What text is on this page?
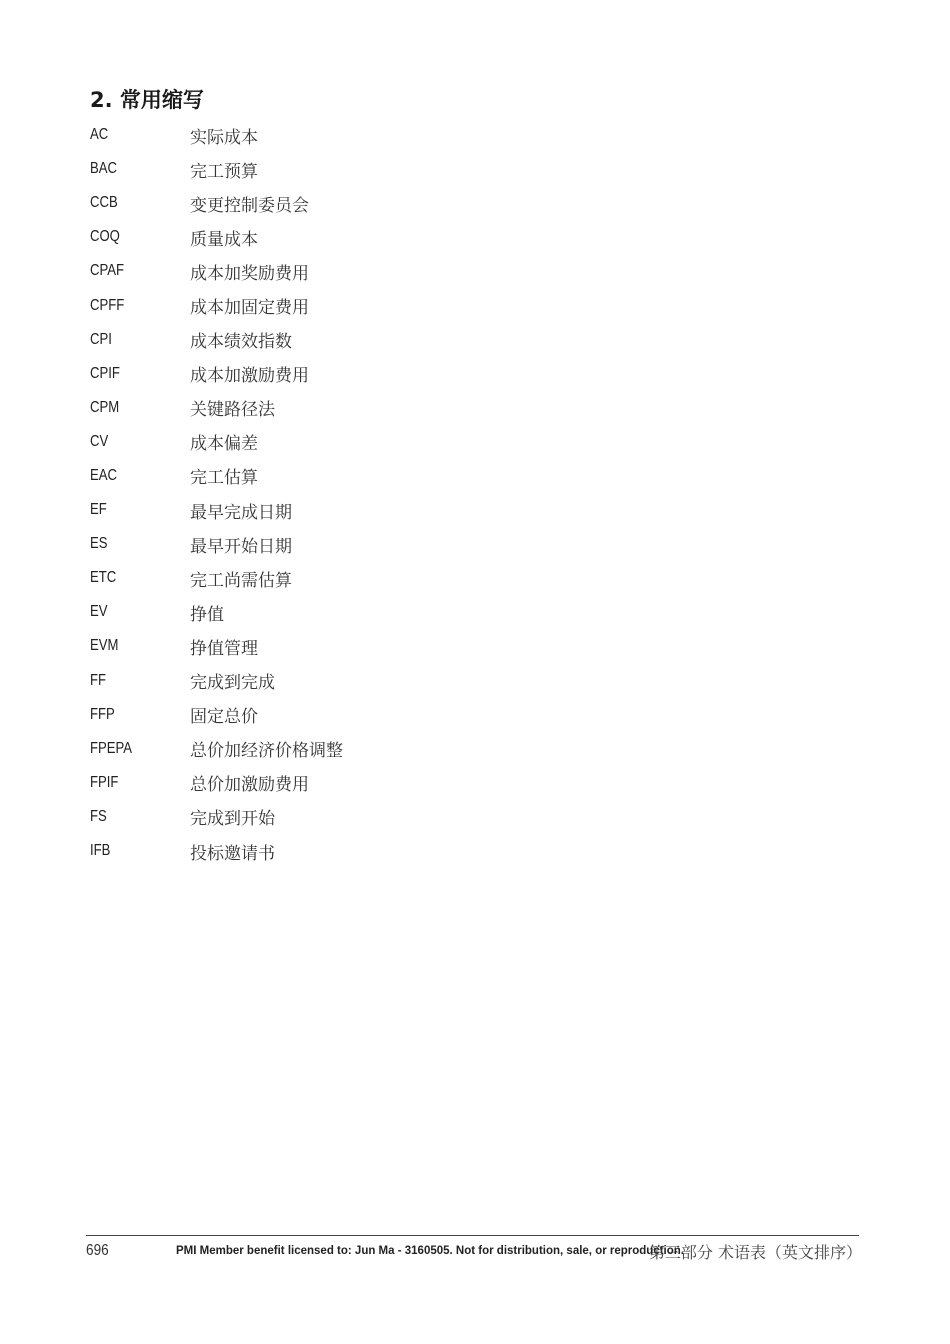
2. 常用缩写
AC	实际成本
BAC	完工预算
CCB	变更控制委员会
COQ	质量成本
CPAF	成本加奖励费用
CPFF	成本加固定费用
CPI	成本绩效指数
CPIF	成本加激励费用
CPM	关键路径法
CV	成本偏差
EAC	完工估算
EF	最早完成日期
ES	最早开始日期
ETC	完工尚需估算
EV	挣值
EVM	挣值管理
FF	完成到完成
FFP	固定总价
FPEPA	总价加经济价格调整
FPIF	总价加激励费用
FS	完成到开始
IFB	投标邀请书
696	PMI Member benefit licensed to: Jun Ma - 3160505. Not for distribution, sale, or reproduction.
第三部分 术语表（英文排序）
